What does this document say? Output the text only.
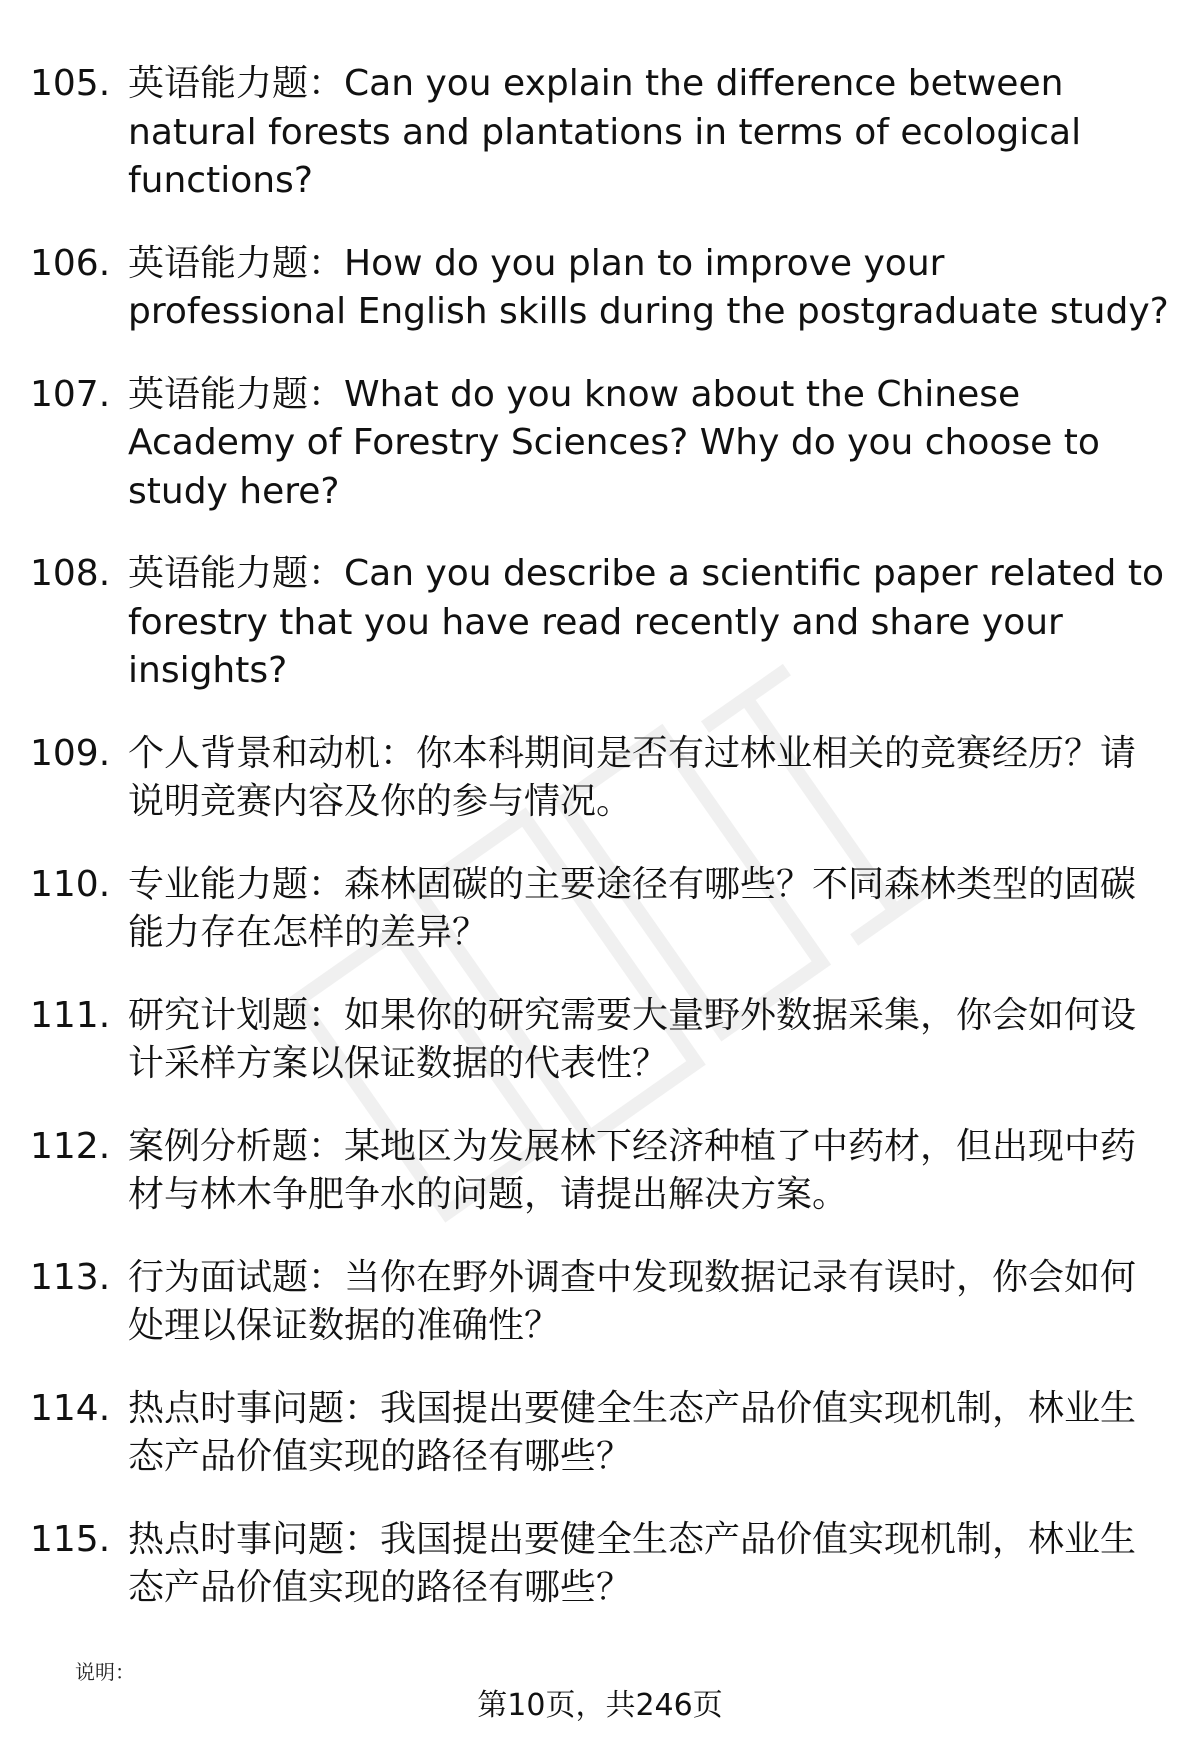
105. 英语能力题：Can you explain the difference between natural forests and plantations in terms of ecological functions?
106. 英语能力题：How do you plan to improve your professional English skills during the postgraduate study?
107. 英语能力题：What do you know about the Chinese Academy of Forestry Sciences? Why do you choose to study here?
108. 英语能力题：Can you describe a scientific paper related to forestry that you have read recently and share your insights?
109. 个人背景和动机：你本科期间是否有过林业相关的竞赛经历？请说明竞赛内容及你的参与情况。
110. 专业能力题：森林固碳的主要途径有哪些？不同森林类型的固碳能力存在怎样的差异？
111. 研究计划题：如果你的研究需要大量野外数据采集，你会如何设计采样方案以保证数据的代表性？
112. 案例分析题：某地区为发展林下经济种植了中药材，但出现中药材与林木争肥争水的问题，请提出解决方案。
113. 行为面试题：当你在野外调查中发现数据记录有误时，你会如何处理以保证数据的准确性？
114. 热点时事问题：我国提出要健全生态产品价值实现机制，林业生态产品价值实现的路径有哪些？
115. 热点时事问题：我国提出要健全生态产品价值实现机制，林业生态产品价值实现的路径有哪些？
说明：
第10页，共246页
